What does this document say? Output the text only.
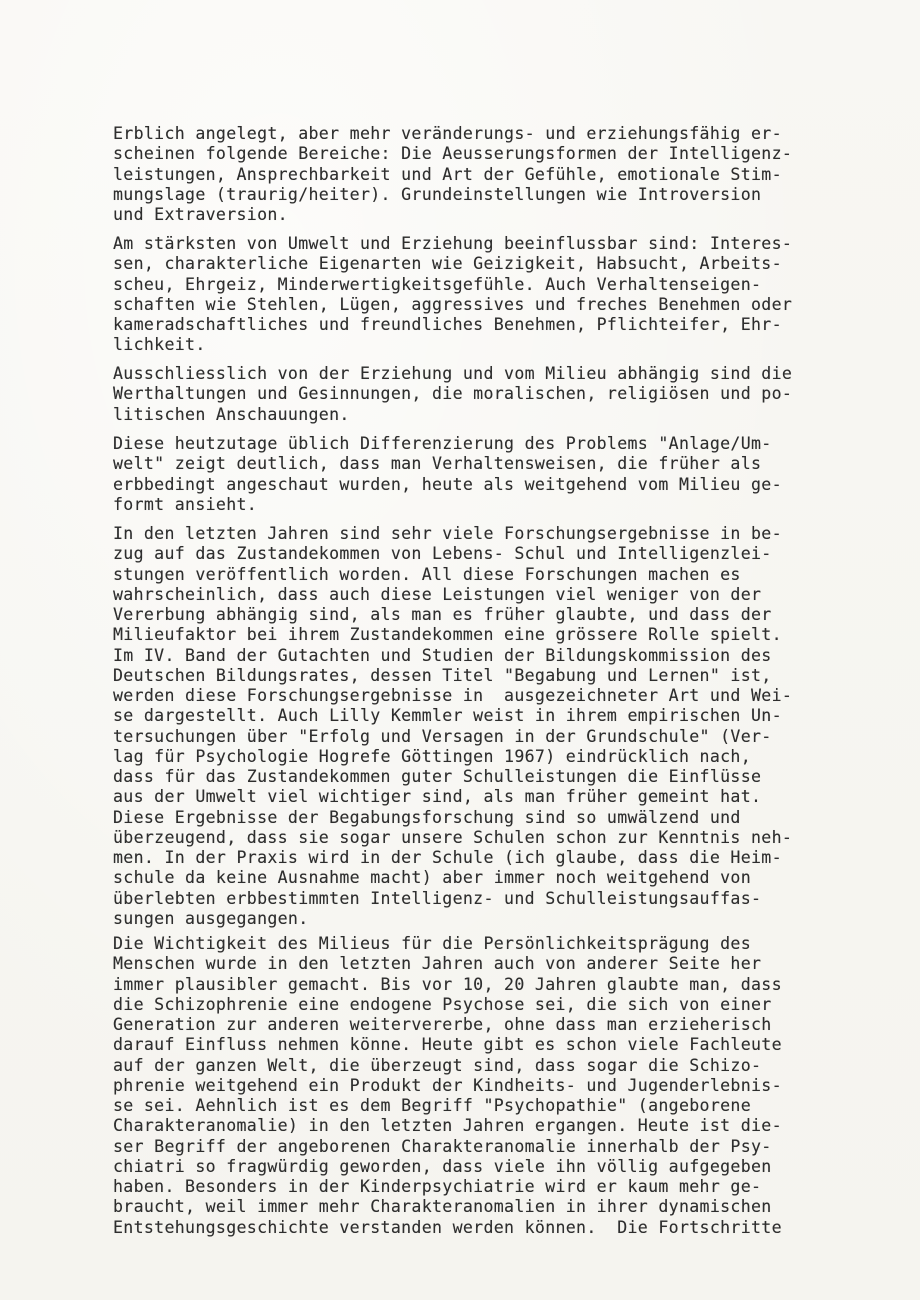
Erblich angelegt, aber mehr veränderungs- und erziehungsfähig er-
scheinen folgende Bereiche: Die Aeusserungsformen der Intelligenz-
leistungen, Ansprechbarkeit und Art der Gefühle, emotionale Stim-
mungslage (traurig/heiter). Grundeinstellungen wie Introversion
und Extraversion.
Am stärksten von Umwelt und Erziehung beeinflussbar sind: Interes-
sen, charakterliche Eigenarten wie Geizigkeit, Habsucht, Arbeits-
scheu, Ehrgeiz, Minderwertigkeitsgefühle. Auch Verhaltenseigen-
schaften wie Stehlen, Lügen, aggressives und freches Benehmen oder
kameradschaftliches und freundliches Benehmen, Pflichteifer, Ehr-
lichkeit.
Ausschliesslich von der Erziehung und vom Milieu abhängig sind die
Werthaltungen und Gesinnungen, die moralischen, religiösen und po-
litischen Anschauungen.
Diese heutzutage üblich Differenzierung des Problems "Anlage/Um-
welt" zeigt deutlich, dass man Verhaltensweisen, die früher als
erbbedingt angeschaut wurden, heute als weitgehend vom Milieu ge-
formt ansieht.
In den letzten Jahren sind sehr viele Forschungsergebnisse in be-
zug auf das Zustandekommen von Lebens- Schul und Intelligenzlei-
stungen veröffentlich worden. All diese Forschungen machen es
wahrscheinlich, dass auch diese Leistungen viel weniger von der
Vererbung abhängig sind, als man es früher glaubte, und dass der
Milieufaktor bei ihrem Zustandekommen eine grössere Rolle spielt.
Im IV. Band der Gutachten und Studien der Bildungskommission des
Deutschen Bildungsrates, dessen Titel "Begabung und Lernen" ist,
werden diese Forschungsergebnisse in  ausgezeichneter Art und Wei-
se dargestellt. Auch Lilly Kemmler weist in ihrem empirischen Un-
tersuchungen über "Erfolg und Versagen in der Grundschule" (Ver-
lag für Psychologie Hogrefe Göttingen 1967) eindrücklich nach,
dass für das Zustandekommen guter Schulleistungen die Einflüsse
aus der Umwelt viel wichtiger sind, als man früher gemeint hat.
Diese Ergebnisse der Begabungsforschung sind so umwälzend und
überzeugend, dass sie sogar unsere Schulen schon zur Kenntnis neh-
men. In der Praxis wird in der Schule (ich glaube, dass die Heim-
schule da keine Ausnahme macht) aber immer noch weitgehend von
überlebten erbbestimmten Intelligenz- und Schulleistungsauffas-
sungen ausgegangen.
Die Wichtigkeit des Milieus für die Persönlichkeitsprägung des
Menschen wurde in den letzten Jahren auch von anderer Seite her
immer plausibler gemacht. Bis vor 10, 20 Jahren glaubte man, dass
die Schizophrenie eine endogene Psychose sei, die sich von einer
Generation zur anderen weitervererbe, ohne dass man erzieherisch
darauf Einfluss nehmen könne. Heute gibt es schon viele Fachleute
auf der ganzen Welt, die überzeugt sind, dass sogar die Schizo-
phrenie weitgehend ein Produkt der Kindheits- und Jugenderlebnis-
se sei. Aehnlich ist es dem Begriff "Psychopathie" (angeborene
Charakteranomalie) in den letzten Jahren ergangen. Heute ist die-
ser Begriff der angeborenen Charakteranomalie innerhalb der Psy-
chiatri so fragwürdig geworden, dass viele ihn völlig aufgegeben
haben. Besonders in der Kinderpsychiatrie wird er kaum mehr ge-
braucht, weil immer mehr Charakteranomalien in ihrer dynamischen
Entstehungsgeschichte verstanden werden können.  Die Fortschritte
